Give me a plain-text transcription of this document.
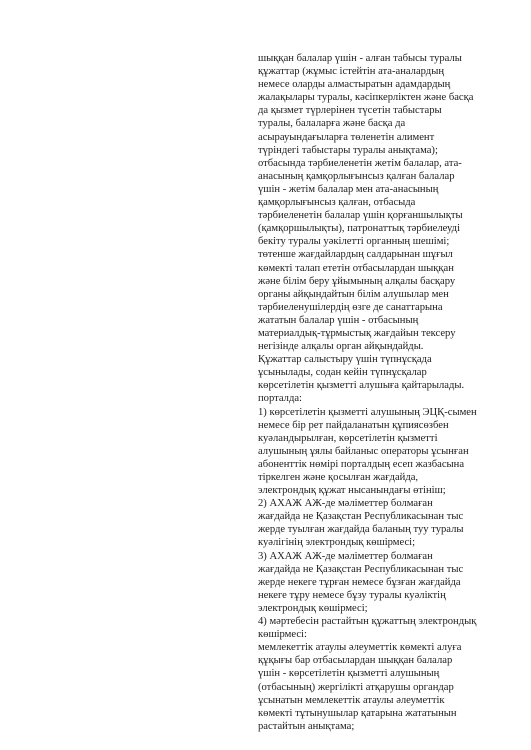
шыққан балалар үшін - алған табысы туралы
құжаттар (жұмыс істейтін ата-аналардың
немесе оларды алмастыратын адамдардың
жалақылары туралы, кәсіпкерліктен және басқа
да қызмет түрлерінен түсетін табыстары
туралы, балаларға және басқа да
асырауындағыларға төленетін алимент
түріндегі табыстары туралы анықтама);
отбасында тәрбиеленетін жетім балалар, ата-
анасының қамқорлығынсыз қалған балалар
үшін - жетім балалар мен ата-анасының
қамқорлығынсыз қалған, отбасыда
тәрбиеленетін балалар үшін қорғаншылықты
(қамқоршылықты), патронаттық тәрбиелеуді
бекіту туралы уәкілетті органның шешімі;
төтенше жағдайлардың салдарынан шұғыл
көмекті талап ететін отбасылардан шыққан
және білім беру ұйымының алқалы басқару
органы айқындайтын білім алушылар мен
тәрбиеленушілердің өзге де санаттарына
жататын балалар үшін - отбасының
материалдық-тұрмыстық жағдайын тексеру
негізінде алқалы орган айқындайды.
Құжаттар салыстыру үшін түпнұсқада
ұсынылады, содан кейін түпнұсқалар
көрсетілетін қызметті алушыға қайтарылады.
порталда:
1) көрсетілетін қызметті алушының ЭЦҚ-сымен
немесе бір рет пайдаланатын құпиясөзбен
куәландырылған, көрсетілетін қызметті
алушының ұялы байланыс операторы ұсынған
абоненттік нөмірі порталдың есеп жазбасына
тіркелген және қосылған жағдайда,
электрондық құжат нысанындағы өтініш;
2) АХАЖ АЖ-де мәліметтер болмаған
жағдайда не Қазақстан Республикасынан тыс
жерде туылған жағдайда баланың туу туралы
куәлігінің электрондық көшірмесі;
3) АХАЖ АЖ-де мәліметтер болмаған
жағдайда не Қазақстан Республикасынан тыс
жерде некеге тұрған немесе бұзған жағдайда
некеге тұру немесе бұзу туралы куәліктің
электрондық көшірмесі;
4) мәртебесін растайтын құжаттың электрондық
көшірмесі:
мемлекеттік атаулы әлеуметтік көмекті алуға
құқығы бар отбасылардан шыққан балалар
үшін - көрсетілетін қызметті алушының
(отбасының) жергілікті атқарушы органдар
ұсынатын мемлекеттік атаулы әлеуметтік
көмекті тұтынушылар қатарына жататынын
растайтын анықтама;
